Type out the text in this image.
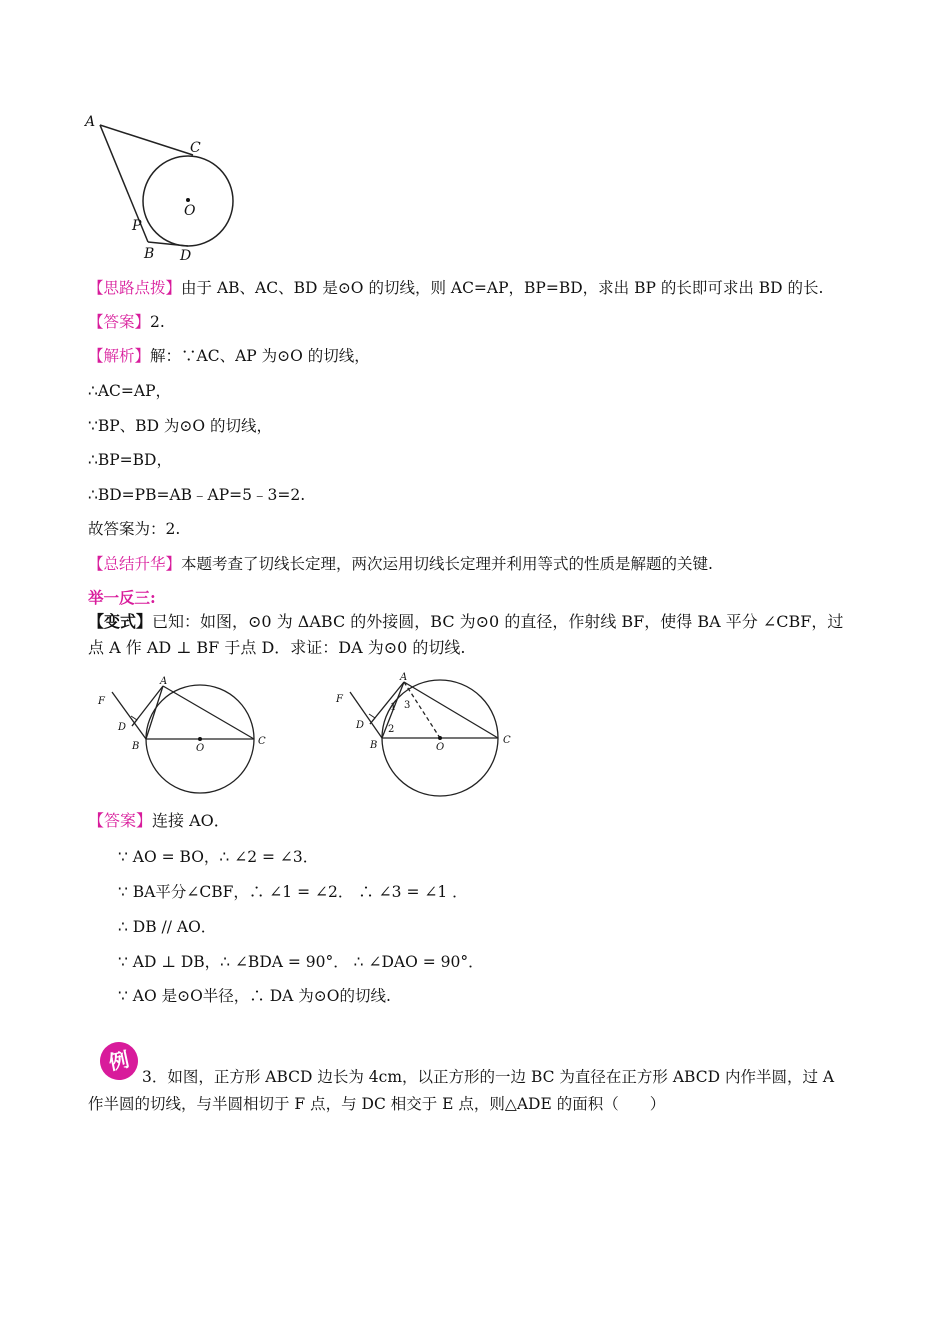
A
C
O
P
B D
【思路点拨】由于 AB、AC、BD 是⊙O 的切线，则 AC=AP，BP=BD，求出 BP 的长即可求出 BD 的长.
【答案】2.
【解析】解：∵AC、AP 为⊙O 的切线，
∴AC=AP，
∵BP、BD 为⊙O 的切线，
∴BP=BD，
∴BD=PB=AB﹣AP=5﹣3=2.
故答案为：2.
【总结升华】本题考查了切线长定理，两次运用切线长定理并利用等式的性质是解题的关键.
举一反三:
【变式】已知：如图，⊙0 为 ΔABC 的外接圆，BC 为⊙0 的直径，作射线 BF，使得 BA 平分 ∠CBF，过
点 A 作 AD ⊥ BF 于点 D．求证：DA 为⊙0 的切线.
F
A
D
B	O
C
F
A
D
1 3
2
B	O
C
【答案】连接 AO．
∵ AO = BO，∴ ∠2 = ∠3．
∵ BA平分∠CBF，∴ ∠1 = ∠2． ∴ ∠3 = ∠1 ．
∴ DB // AO．
∵ AD ⊥ DB，∴ ∠BDA = 90°． ∴ ∠DAO = 90°．
∵ AO 是⊙O半径，∴ DA 为⊙O的切线.
例
3．如图，正方形 ABCD 边长为 4cm，以正方形的一边 BC 为直径在正方形 ABCD 内作半圆，过 A
作半圆的切线，与半圆相切于 F 点，与 DC 相交于 E 点，则△ADE 的面积（　　）
